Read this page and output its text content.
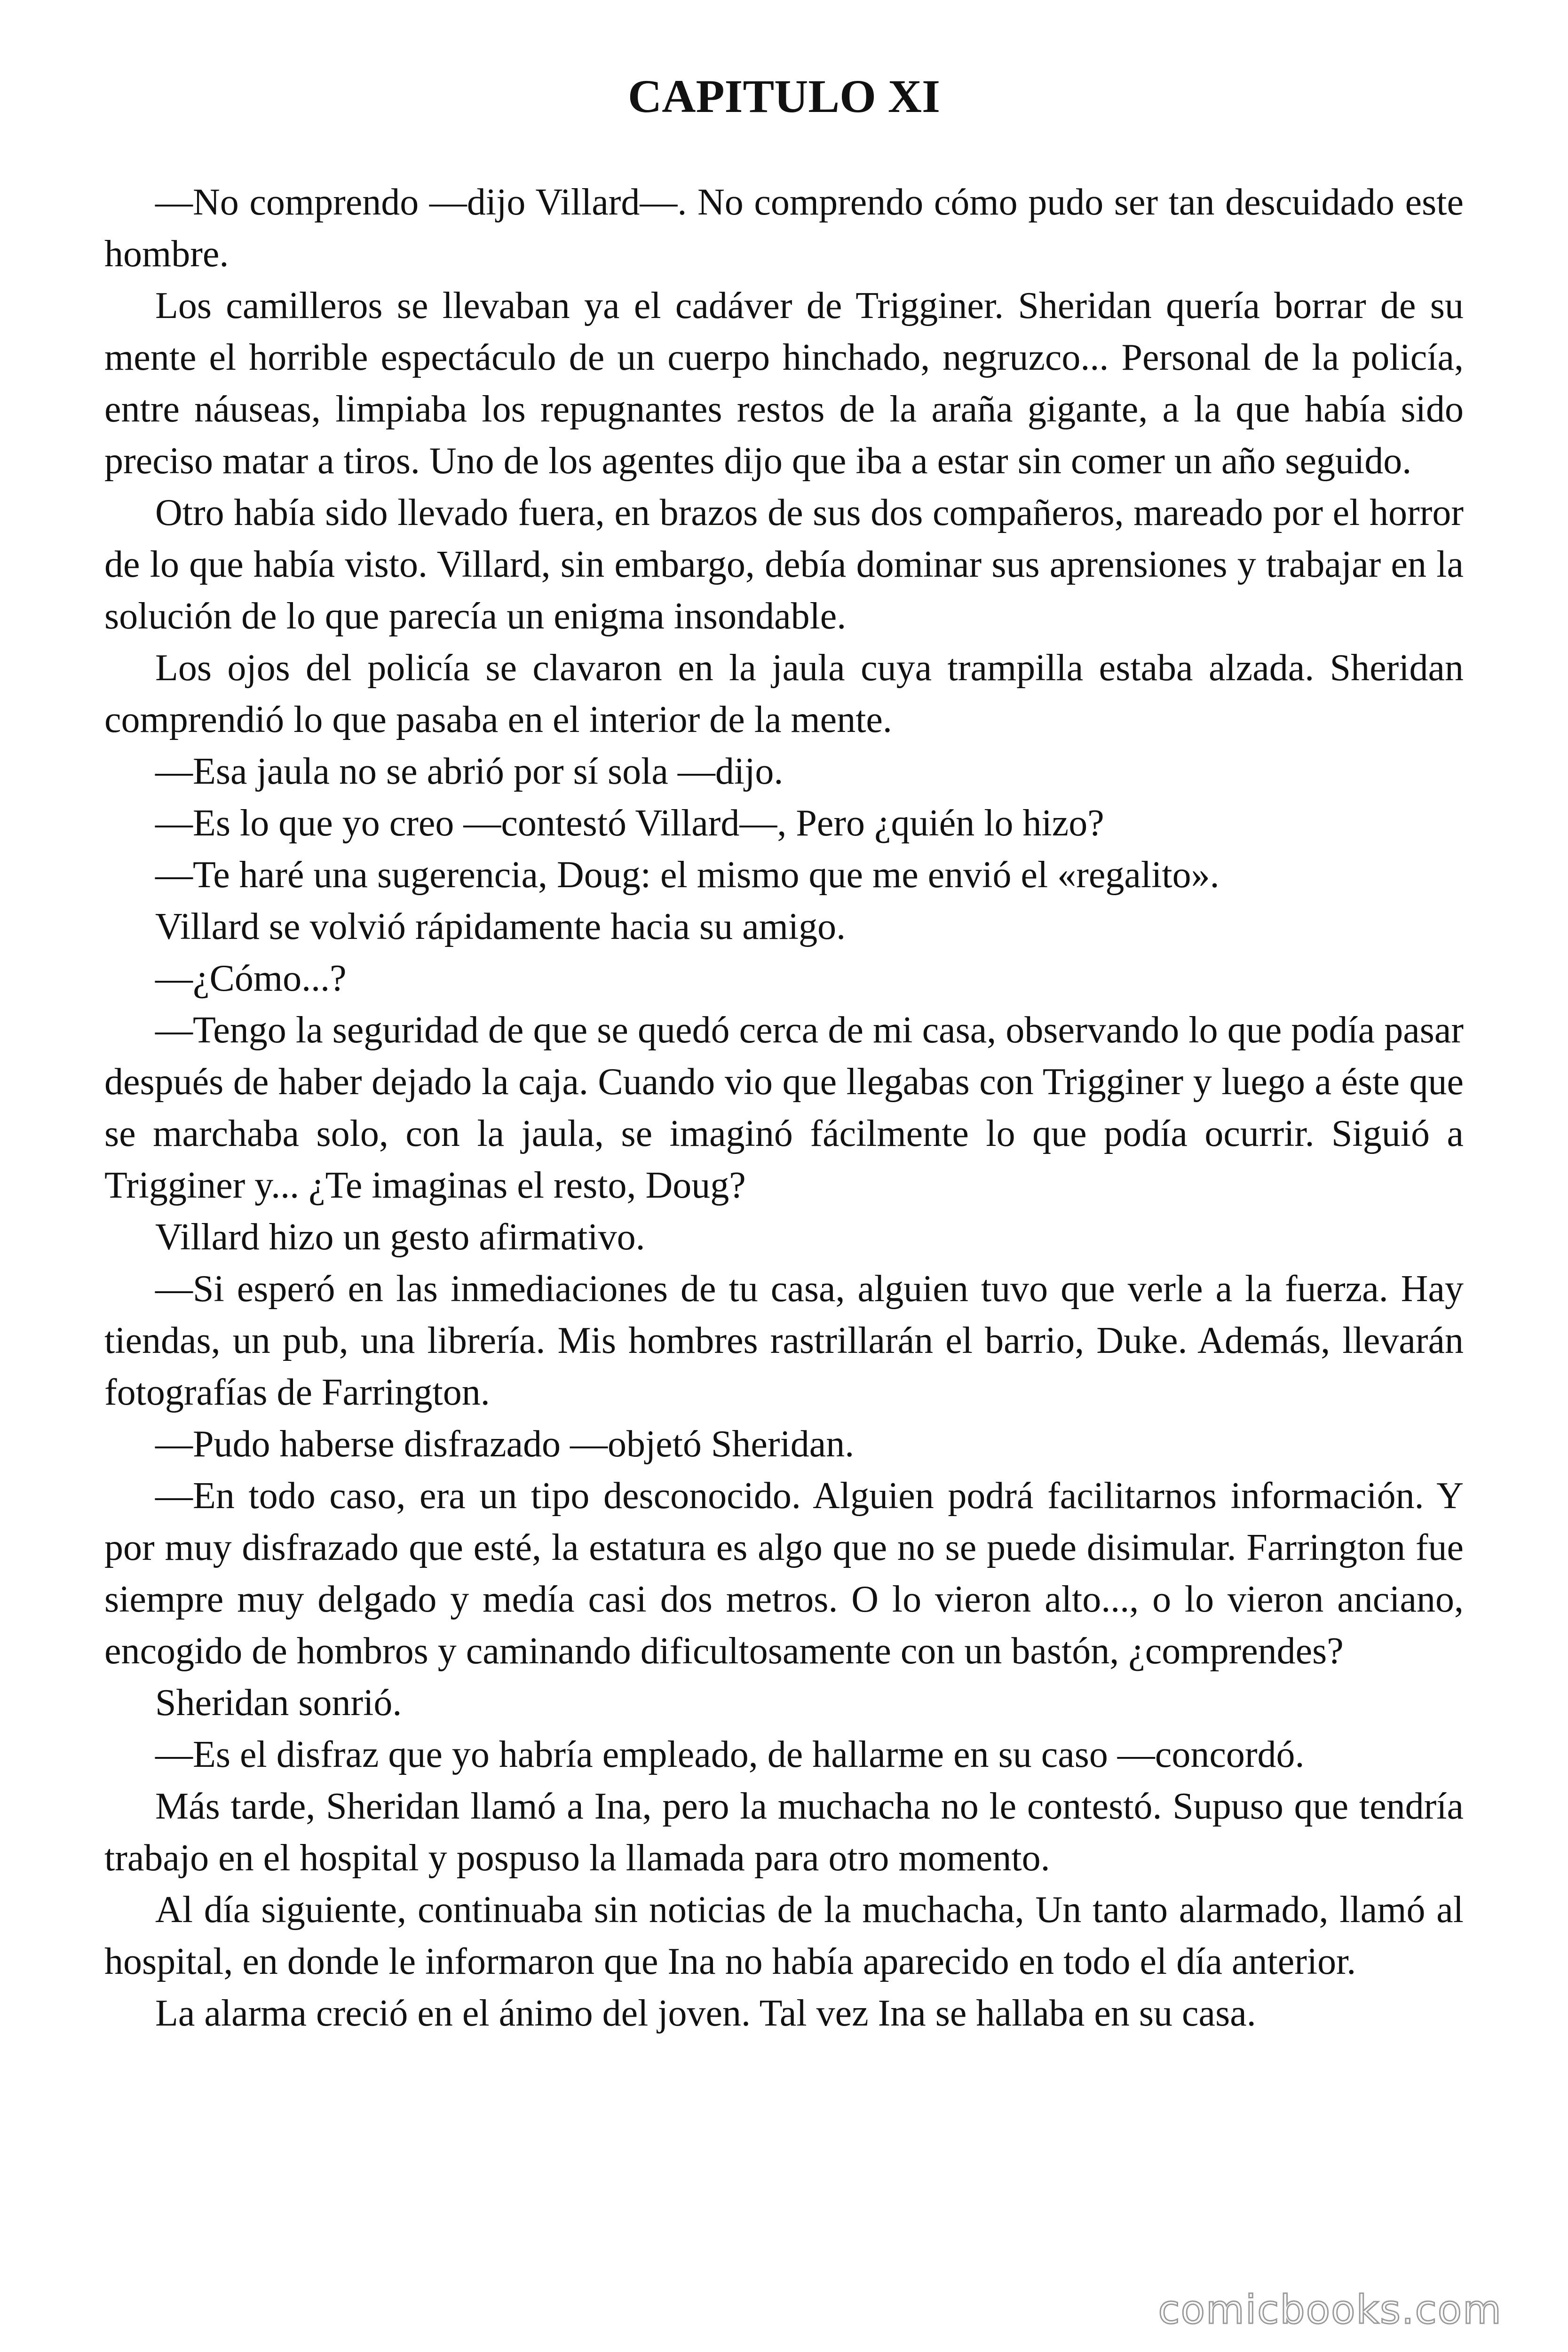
CAPITULO XI

—No comprendo —dijo Villard—. No comprendo cómo pudo ser tan descuidado este hombre.

Los camilleros se llevaban ya el cadáver de Trigginer. Sheridan quería borrar de su mente el horrible espectáculo de un cuerpo hinchado, negruzco... Personal de la policía, entre náuseas, limpiaba los repugnantes restos de la araña gigante, a la que había sido preciso matar a tiros. Uno de los agentes dijo que iba a estar sin comer un año seguido.

Otro había sido llevado fuera, en brazos de sus dos compañeros, mareado por el horror de lo que había visto. Villard, sin embargo, debía dominar sus aprensiones y trabajar en la solución de lo que parecía un enigma insondable.

Los ojos del policía se clavaron en la jaula cuya trampilla estaba alzada. Sheridan comprendió lo que pasaba en el interior de la mente.

—Esa jaula no se abrió por sí sola —dijo.

—Es lo que yo creo —contestó Villard—, Pero ¿quién lo hizo?

—Te haré una sugerencia, Doug: el mismo que me envió el «regalito».

Villard se volvió rápidamente hacia su amigo.

—¿Cómo...?

—Tengo la seguridad de que se quedó cerca de mi casa, observando lo que podía pasar después de haber dejado la caja. Cuando vio que llegabas con Trigginer y luego a éste que se marchaba solo, con la jaula, se imaginó fácilmente lo que podía ocurrir. Siguió a Trigginer y... ¿Te imaginas el resto, Doug?

Villard hizo un gesto afirmativo.

—Si esperó en las inmediaciones de tu casa, alguien tuvo que verle a la fuerza. Hay tiendas, un pub, una librería. Mis hombres rastrillarán el barrio, Duke. Además, llevarán fotografías de Farrington.

—Pudo haberse disfrazado —objetó Sheridan.

—En todo caso, era un tipo desconocido. Alguien podrá facilitarnos información. Y por muy disfrazado que esté, la estatura es algo que no se puede disimular. Farrington fue siempre muy delgado y medía casi dos metros. O lo vieron alto..., o lo vieron anciano, encogido de hombros y caminando dificultosamente con un bastón, ¿comprendes?

Sheridan sonrió.

—Es el disfraz que yo habría empleado, de hallarme en su caso —concordó.

Más tarde, Sheridan llamó a Ina, pero la muchacha no le contestó. Supuso que tendría trabajo en el hospital y pospuso la llamada para otro momento.

Al día siguiente, continuaba sin noticias de la muchacha, Un tanto alarmado, llamó al hospital, en donde le informaron que Ina no había aparecido en todo el día anterior.

La alarma creció en el ánimo del joven. Tal vez Ina se hallaba en su casa.

comicbooks.com
